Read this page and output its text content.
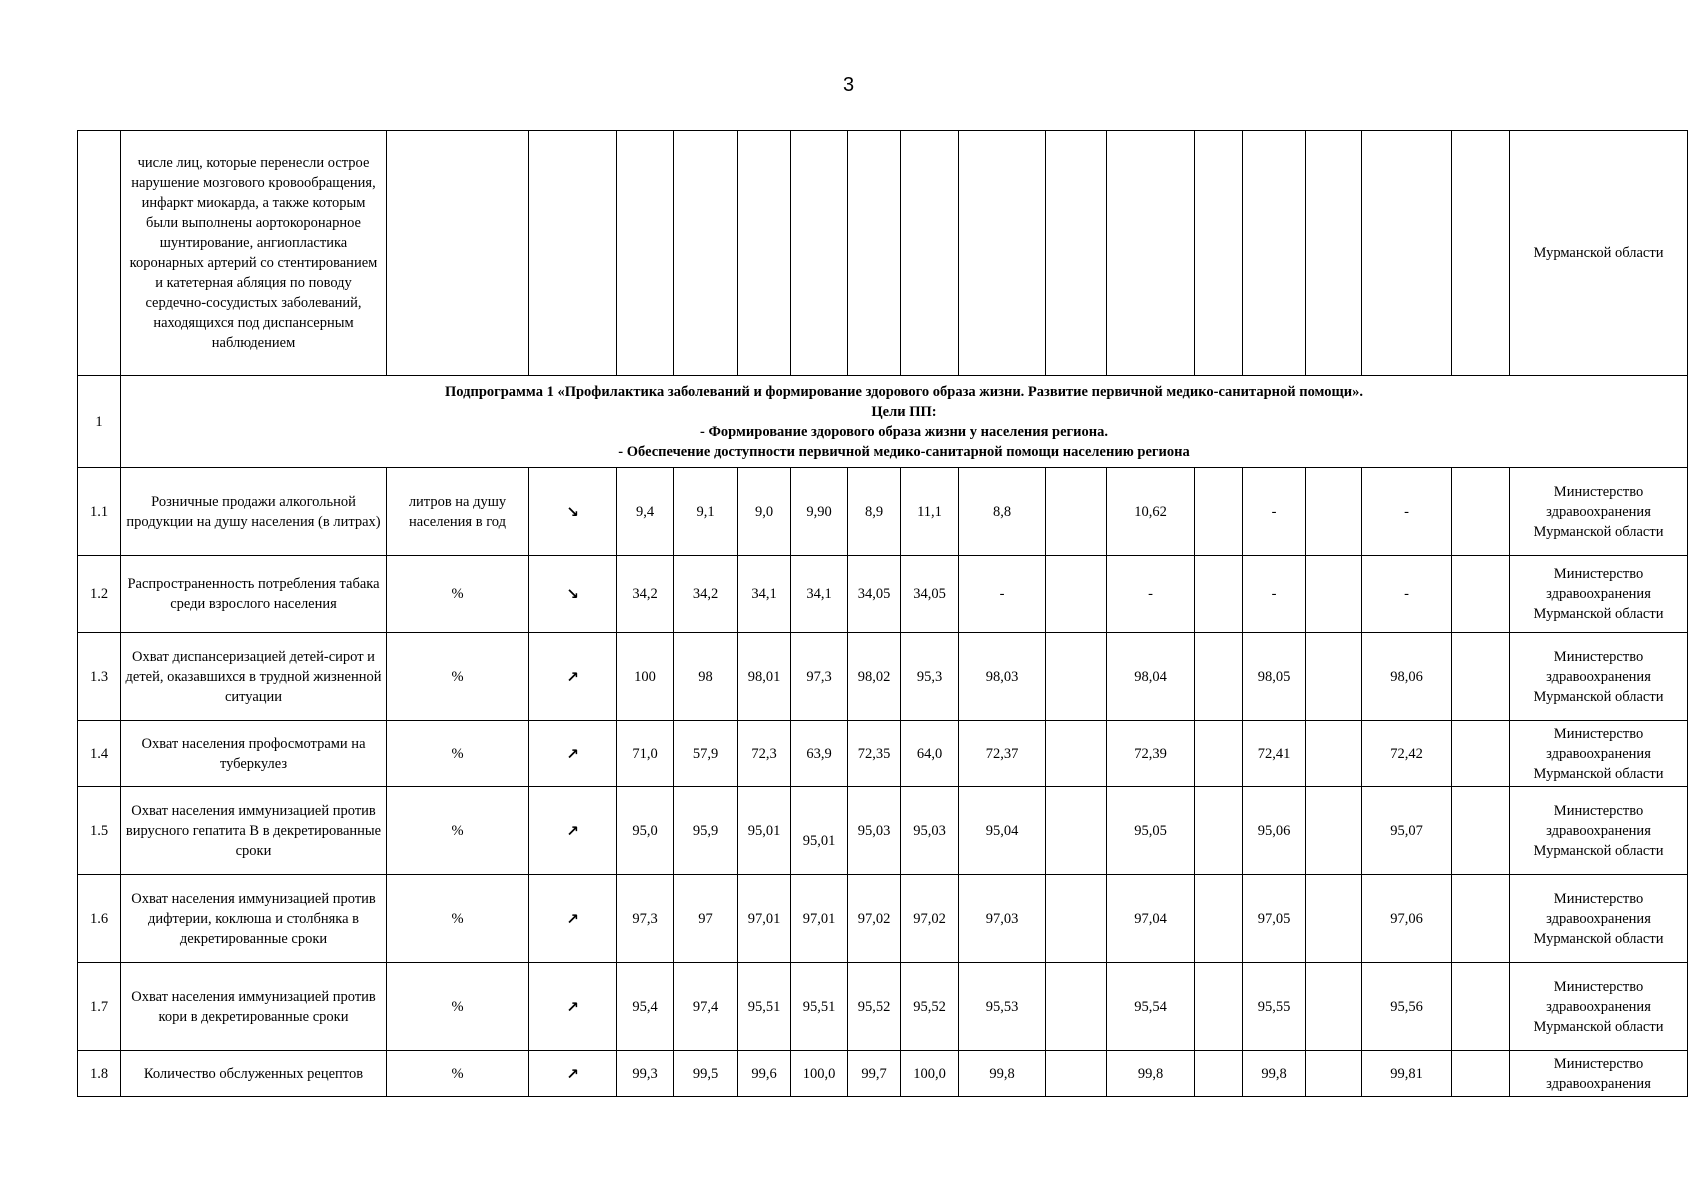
3
	числе лиц, которые перенесли острое нарушение мозгового кровообращения, инфаркт миокарда, а также которым были выполнены аортокоронарное шунтирование, ангиопластика коронарных артерий со стентированием и катетерная абляция по поводу сердечно-сосудистых заболеваний, находящихся под диспансерным наблюдением																	Мурманской области
1	Подпрограмма 1 «Профилактика заболеваний и формирование здорового образа жизни. Развитие первичной медико-санитарной помощи».
Цели ПП:
- Формирование здорового образа жизни у населения региона.
- Обеспечение доступности первичной медико-санитарной помощи населению региона																	

1.1	Розничные продажи алкогольной продукции на душу населения (в литрах)	литров на душу населения в год	↘	9,4	9,1	9,0	9,90	8,9	11,1	8,8		10,62		-		-		Министерство здравоохранения Мурманской области
1.2	Распространенность потребления табака среди взрослого населения	%	↘	34,2	34,2	34,1	34,1	34,05	34,05	-		-		-		-		Министерство здравоохранения Мурманской области
1.3	Охват диспансеризацией детей-сирот и детей, оказавшихся в трудной жизненной ситуации	%	↗	100	98	98,01	97,3	98,02	95,3	98,03		98,04		98,05		98,06		Министерство здравоохранения Мурманской области
1.4	Охват населения профосмотрами на туберкулез	%	↗	71,0	57,9	72,3	63,9	72,35	64,0	72,37		72,39		72,41		72,42		Министерство здравоохранения Мурманской области
1.5	Охват населения иммунизацией против вирусного гепатита В в декретированные сроки	%	↗	95,0	95,9	95,01	95,01	95,03	95,03	95,04		95,05		95,06		95,07		Министерство здравоохранения Мурманской области
1.6	Охват населения иммунизацией против дифтерии, коклюша и столбняка в декретированные сроки	%	↗	97,3	97	97,01	97,01	97,02	97,02	97,03		97,04		97,05		97,06		Министерство здравоохранения Мурманской области
1.7	Охват населения иммунизацией против кори в декретированные сроки	%	↗	95,4	97,4	95,51	95,51	95,52	95,52	95,53		95,54		95,55		95,56		Министерство здравоохранения Мурманской области
1.8	Количество обслуженных рецептов	%	↗	99,3	99,5	99,6	100,0	99,7	100,0	99,8		99,8		99,8		99,81		Министерство здравоохранения
